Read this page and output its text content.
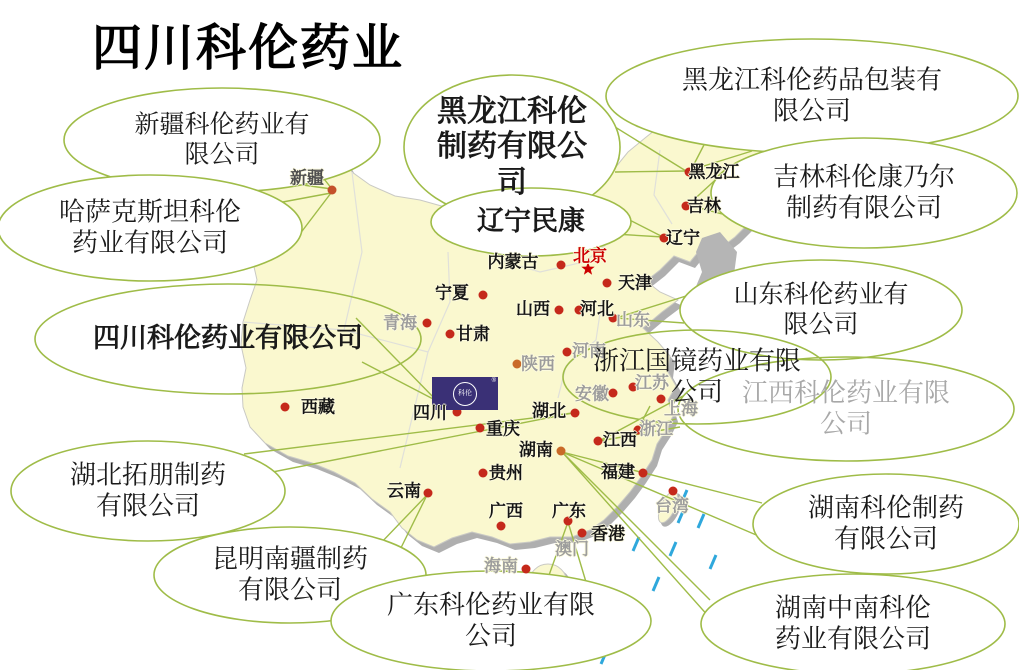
四川科伦药业
新疆	黑龙江
吉林
辽宁
北京
天津
内蒙古
宁夏
山西 河北
山东
青海
甘肃
陕西
河南
江苏
安徽
上海
浙江
西藏	四川
重庆
湖北
湖南
江西
福建
贵州
云南
广西 广东
香港
澳门
海南
台湾
新疆科伦药业有限公司
哈萨克斯坦科伦药业有限公司
黑龙江科伦制药有限公司
黑龙江科伦药品包装有限公司
吉林科伦康乃尔制药有限公司
辽宁民康
山东科伦药业有限公司
浙江国镜药业有限公司 江西科伦药业有限公司
湖南科伦制药有限公司
湖南中南科伦药业有限公司
四川科伦药业有限公司
湖北拓朋制药有限公司
昆明南疆制药有限公司
广东科伦药业有限公司
科伦
®
